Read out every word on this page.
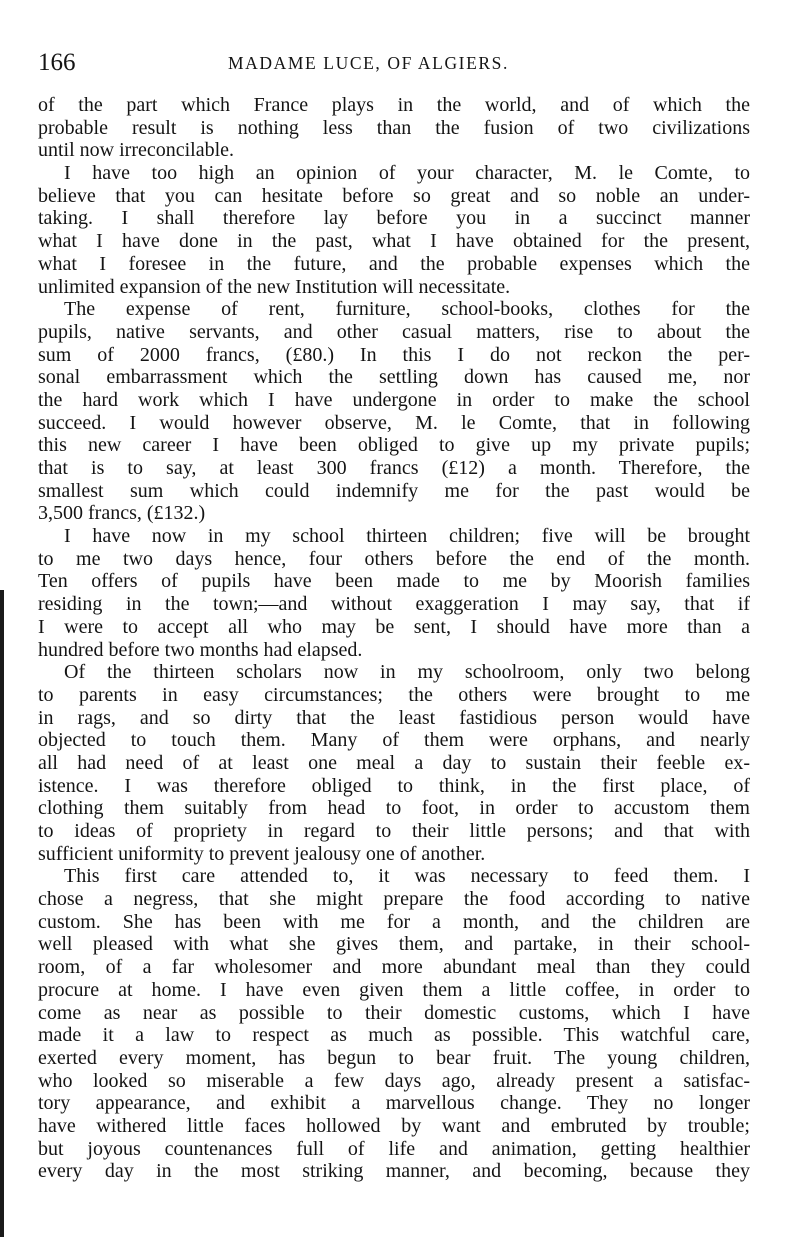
166	MADAME LUCE, OF ALGIERS.
of the part which France plays in the world, and of which the
probable result is nothing less than the fusion of two civilizations
until now irreconcilable.
I have too high an opinion of your character, M. le Comte, to
believe that you can hesitate before so great and so noble an under-
taking. I shall therefore lay before you in a succinct manner
what I have done in the past, what I have obtained for the present,
what I foresee in the future, and the probable expenses which the
unlimited expansion of the new Institution will necessitate.
The expense of rent, furniture, school-books, clothes for the
pupils, native servants, and other casual matters, rise to about the
sum of 2000 francs, (£80.) In this I do not reckon the per-
sonal embarrassment which the settling down has caused me, nor
the hard work which I have undergone in order to make the school
succeed. I would however observe, M. le Comte, that in following
this new career I have been obliged to give up my private pupils;
that is to say, at least 300 francs (£12) a month. Therefore, the
smallest sum which could indemnify me for the past would be
3,500 francs, (£132.)
I have now in my school thirteen children; five will be brought
to me two days hence, four others before the end of the month.
Ten offers of pupils have been made to me by Moorish families
residing in the town;—and without exaggeration I may say, that if
I were to accept all who may be sent, I should have more than a
hundred before two months had elapsed.
Of the thirteen scholars now in my schoolroom, only two belong
to parents in easy circumstances; the others were brought to me
in rags, and so dirty that the least fastidious person would have
objected to touch them. Many of them were orphans, and nearly
all had need of at least one meal a day to sustain their feeble ex-
istence. I was therefore obliged to think, in the first place, of
clothing them suitably from head to foot, in order to accustom them
to ideas of propriety in regard to their little persons; and that with
sufficient uniformity to prevent jealousy one of another.
This first care attended to, it was necessary to feed them. I
chose a negress, that she might prepare the food according to native
custom. She has been with me for a month, and the children are
well pleased with what she gives them, and partake, in their school-
room, of a far wholesomer and more abundant meal than they could
procure at home. I have even given them a little coffee, in order to
come as near as possible to their domestic customs, which I have
made it a law to respect as much as possible. This watchful care,
exerted every moment, has begun to bear fruit. The young children,
who looked so miserable a few days ago, already present a satisfac-
tory appearance, and exhibit a marvellous change. They no longer
have withered little faces hollowed by want and embruted by trouble;
but joyous countenances full of life and animation, getting healthier
every day in the most striking manner, and becoming, because they
